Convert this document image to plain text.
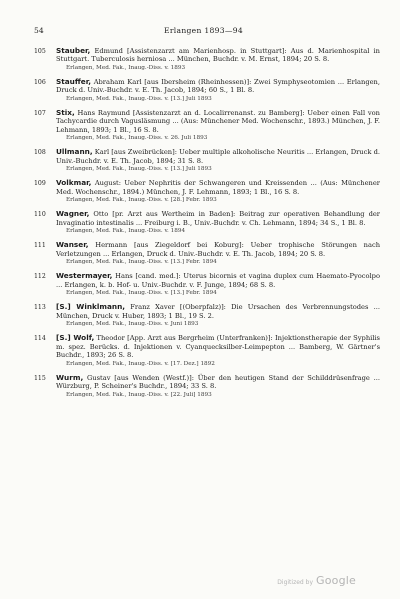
54	Erlangen 1893—94
105	Stauber, Edmund [Assistenzarzt am Marienhosp. in Stuttgart]: Aus d. Marienhospital in Stuttgart. Tuberculosis herniosa ... München, Buchdr. v. M. Ernst, 1894; 20 S. 8.

Erlangen, Med. Fak., Inaug.-Diss. v. 1893

106	Stauffer, Abraham Karl [aus Ibersheim (Rheinhessen)]: Zwei Symphyseotomien ... Erlangen, Druck d. Univ.-Buchdr. v. E. Th. Jacob, 1894; 60 S., 1 Bl. 8.

Erlangen, Med. Fak., Inaug.-Diss. v. [13.] Juli 1893

107	Stix, Hans Raymund [Assistenzarzt an d. Localirrenanst. zu Bamberg]: Ueber einen Fall von Tachycardie durch Vagusläsmung ... (Aus: Münchener Med. Wochenschr., 1893.) München, J. F. Lehmann, 1893; 1 Bl., 16 S. 8.

Erlangen, Med. Fak., Inaug.-Diss. v. 26. Juli 1893

108	Ullmann, Karl [aus Zweibrücken]: Ueber multiple alkoholische Neuritis ... Erlangen, Druck d. Univ.-Buchdr. v. E. Th. Jacob, 1894; 31 S. 8.

Erlangen, Med. Fak., Inaug.-Diss. v. [13.] Juli 1893

109	Volkmar, August: Ueber Nephritis der Schwangeren und Kreissenden ... (Aus: Münchener Med. Wochenschr., 1894.) München, J. F. Lehmann, 1893; 1 Bl., 16 S. 8.

Erlangen, Med. Fak., Inaug.-Diss. v. [28.] Febr. 1893

110	Wagner, Otto [pr. Arzt aus Wertheim in Baden]: Beitrag zur operativen Behandlung der Invaginatio intestinalis ... Freiburg i. B., Univ.-Buchdr. v. Ch. Lehmann, 1894; 34 S., 1 Bl. 8.

Erlangen, Med. Fak., Inaug.-Diss. v. 1894

111	Wanser, Hermann [aus Ziegeldorf bei Koburg]: Ueber trophische Störungen nach Verletzungen ... Erlangen, Druck d. Univ.-Buchdr. v. E. Th. Jacob, 1894; 20 S. 8.

Erlangen, Med. Fak., Inaug.-Diss. v. [13.] Febr. 1894

112	Westermayer, Hans [cand. med.]: Uterus bicornis et vagina duplex cum Haemato-Pyocolpo ... Erlangen, k. b. Hof- u. Univ.-Buchdr. v. F. Junge, 1894; 68 S. 8.

Erlangen, Med. Fak., Inaug.-Diss. v. [13.] Febr. 1894

113	[S.] Winklmann, Franz Xaver [(Oberpfalz)]: Die Ursachen des Verbrennungstodes ... München, Druck v. Huber, 1893; 1 Bl., 19 S. 2.

Erlangen, Med. Fak., Inaug.-Diss. v. Juni 1893

114	[S.] Wolf, Theodor [App. Arzt aus Bergrheim (Unterfranken)]: Injektionstherapie der Syphilis m. spez. Berücks. d. Injektionen v. Cyanquecksilber-Leimpepton ... Bamberg, W. Gärtner's Buchdr., 1893; 26 S. 8.

Erlangen, Med. Fak., Inaug.-Diss. v. [17. Dez.] 1892

115	Wurm, Gustav [aus Wenden (Westf.)]: Über den heutigen Stand der Schilddrüsenfrage ... Würzburg, P. Scheiner's Buchdr., 1894; 33 S. 8.

Erlangen, Med. Fak., Inaug.-Diss. v. [22. Juli] 1893

Digitized by Google
